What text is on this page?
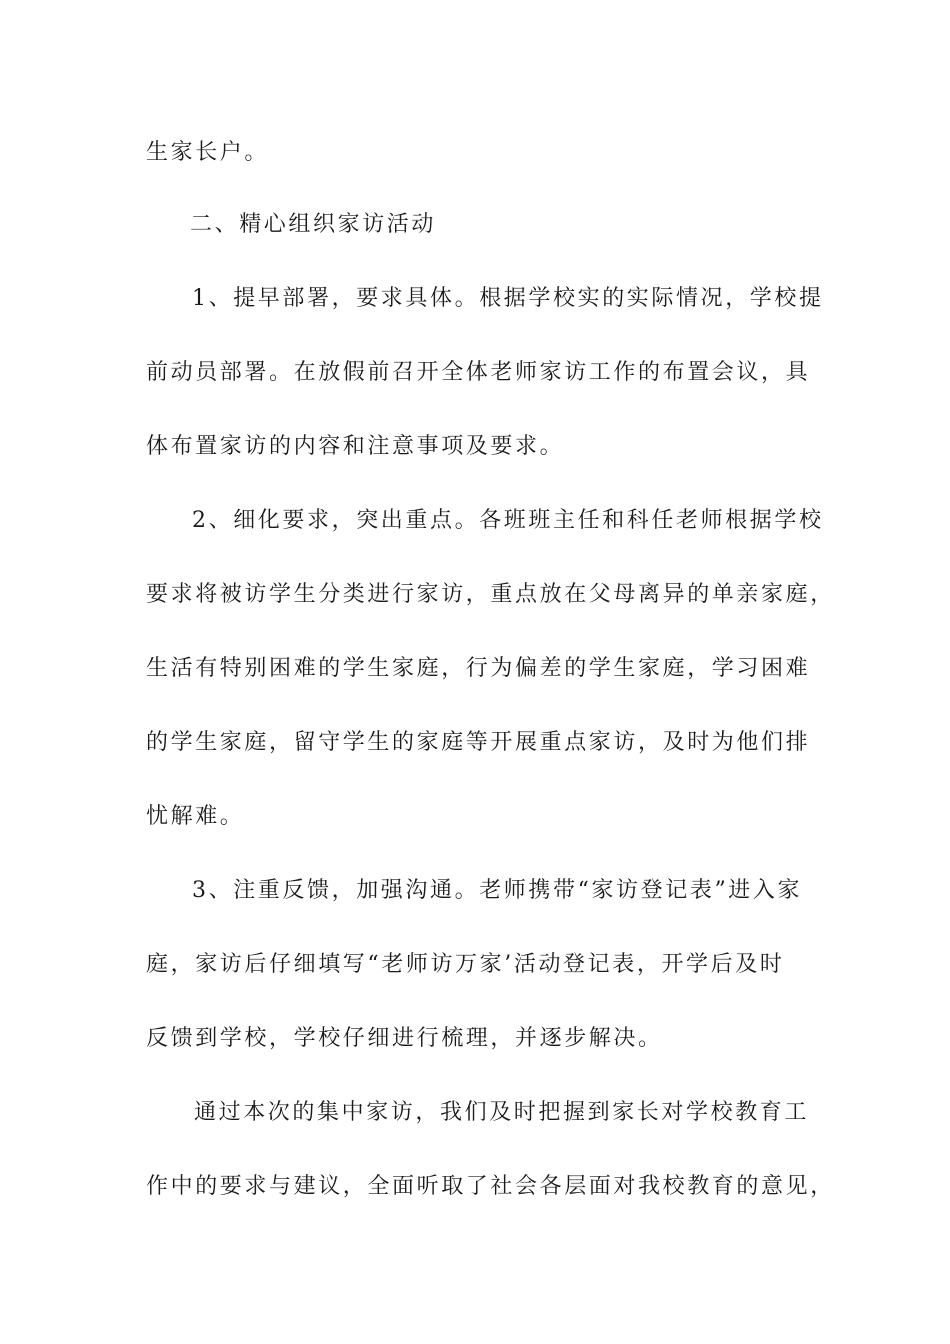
生家长户。
二、精心组织家访活动
1、提早部署，要求具体。根据学校实的实际情况，学校提
前动员部署。在放假前召开全体老师家访工作的布置会议，具
体布置家访的内容和注意事项及要求。
2、细化要求，突出重点。各班班主任和科任老师根据学校
要求将被访学生分类进行家访，重点放在父母离异的单亲家庭，
生活有特别困难的学生家庭，行为偏差的学生家庭，学习困难
的学生家庭，留守学生的家庭等开展重点家访，及时为他们排
忧解难。
3、注重反馈，加强沟通。老师携带“家访登记表”进入家
庭，家访后仔细填写“老师访万家’活动登记表，开学后及时
反馈到学校，学校仔细进行梳理，并逐步解决。
通过本次的集中家访，我们及时把握到家长对学校教育工
作中的要求与建议，全面听取了社会各层面对我校教育的意见，
